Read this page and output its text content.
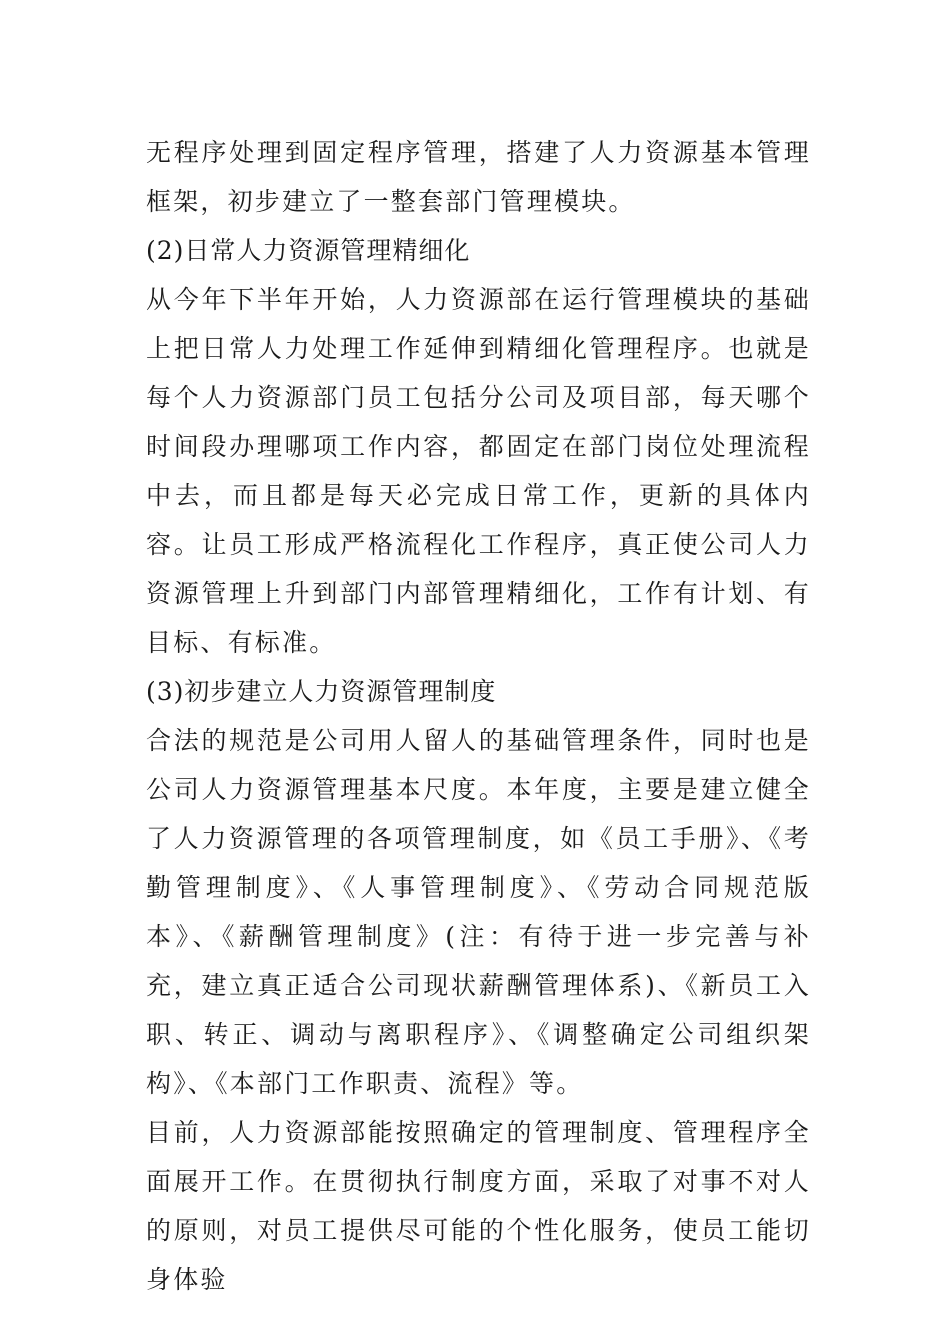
无程序处理到固定程序管理，搭建了人力资源基本管理框架，初步建立了一整套部门管理模块。

(2)日常人力资源管理精细化

从今年下半年开始，人力资源部在运行管理模块的基础上把日常人力处理工作延伸到精细化管理程序。也就是每个人力资源部门员工包括分公司及项目部，每天哪个时间段办理哪项工作内容，都固定在部门岗位处理流程中去，而且都是每天必完成日常工作，更新的具体内容。让员工形成严格流程化工作程序，真正使公司人力资源管理上升到部门内部管理精细化，工作有计划、有目标、有标准。

(3)初步建立人力资源管理制度

合法的规范是公司用人留人的基础管理条件，同时也是公司人力资源管理基本尺度。本年度，主要是建立健全了人力资源管理的各项管理制度，如《员工手册》、《考勤管理制度》、《人事管理制度》、《劳动合同规范版本》、《薪酬管理制度》(注：有待于进一步完善与补充，建立真正适合公司现状薪酬管理体系)、《新员工入职、转正、调动与离职程序》、《调整确定公司组织架构》、《本部门工作职责、流程》等。

目前，人力资源部能按照确定的管理制度、管理程序全面展开工作。在贯彻执行制度方面，采取了对事不对人的原则，对员工提供尽可能的个性化服务，使员工能切身体验
